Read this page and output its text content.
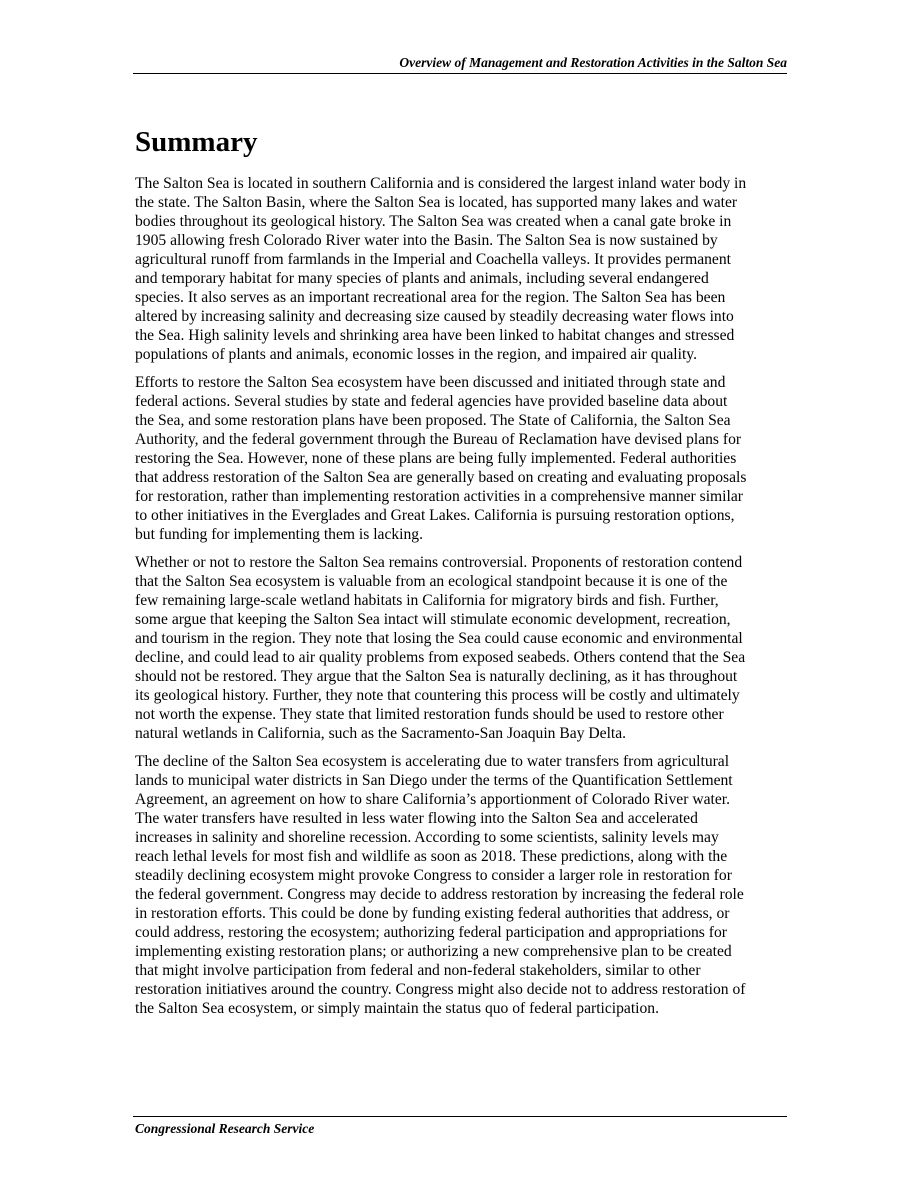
Overview of Management and Restoration Activities in the Salton Sea
Summary

The Salton Sea is located in southern California and is considered the largest inland water body in
the state. The Salton Basin, where the Salton Sea is located, has supported many lakes and water
bodies throughout its geological history. The Salton Sea was created when a canal gate broke in
1905 allowing fresh Colorado River water into the Basin. The Salton Sea is now sustained by
agricultural runoff from farmlands in the Imperial and Coachella valleys. It provides permanent
and temporary habitat for many species of plants and animals, including several endangered
species. It also serves as an important recreational area for the region. The Salton Sea has been
altered by increasing salinity and decreasing size caused by steadily decreasing water flows into
the Sea. High salinity levels and shrinking area have been linked to habitat changes and stressed
populations of plants and animals, economic losses in the region, and impaired air quality.

Efforts to restore the Salton Sea ecosystem have been discussed and initiated through state and
federal actions. Several studies by state and federal agencies have provided baseline data about
the Sea, and some restoration plans have been proposed. The State of California, the Salton Sea
Authority, and the federal government through the Bureau of Reclamation have devised plans for
restoring the Sea. However, none of these plans are being fully implemented. Federal authorities
that address restoration of the Salton Sea are generally based on creating and evaluating proposals
for restoration, rather than implementing restoration activities in a comprehensive manner similar
to other initiatives in the Everglades and Great Lakes. California is pursuing restoration options,
but funding for implementing them is lacking.

Whether or not to restore the Salton Sea remains controversial. Proponents of restoration contend
that the Salton Sea ecosystem is valuable from an ecological standpoint because it is one of the
few remaining large-scale wetland habitats in California for migratory birds and fish. Further,
some argue that keeping the Salton Sea intact will stimulate economic development, recreation,
and tourism in the region. They note that losing the Sea could cause economic and environmental
decline, and could lead to air quality problems from exposed seabeds. Others contend that the Sea
should not be restored. They argue that the Salton Sea is naturally declining, as it has throughout
its geological history. Further, they note that countering this process will be costly and ultimately
not worth the expense. They state that limited restoration funds should be used to restore other
natural wetlands in California, such as the Sacramento-San Joaquin Bay Delta.

The decline of the Salton Sea ecosystem is accelerating due to water transfers from agricultural
lands to municipal water districts in San Diego under the terms of the Quantification Settlement
Agreement, an agreement on how to share California’s apportionment of Colorado River water.
The water transfers have resulted in less water flowing into the Salton Sea and accelerated
increases in salinity and shoreline recession. According to some scientists, salinity levels may
reach lethal levels for most fish and wildlife as soon as 2018. These predictions, along with the
steadily declining ecosystem might provoke Congress to consider a larger role in restoration for
the federal government. Congress may decide to address restoration by increasing the federal role
in restoration efforts. This could be done by funding existing federal authorities that address, or
could address, restoring the ecosystem; authorizing federal participation and appropriations for
implementing existing restoration plans; or authorizing a new comprehensive plan to be created
that might involve participation from federal and non-federal stakeholders, similar to other
restoration initiatives around the country. Congress might also decide not to address restoration of
the Salton Sea ecosystem, or simply maintain the status quo of federal participation.

Congressional Research Service
